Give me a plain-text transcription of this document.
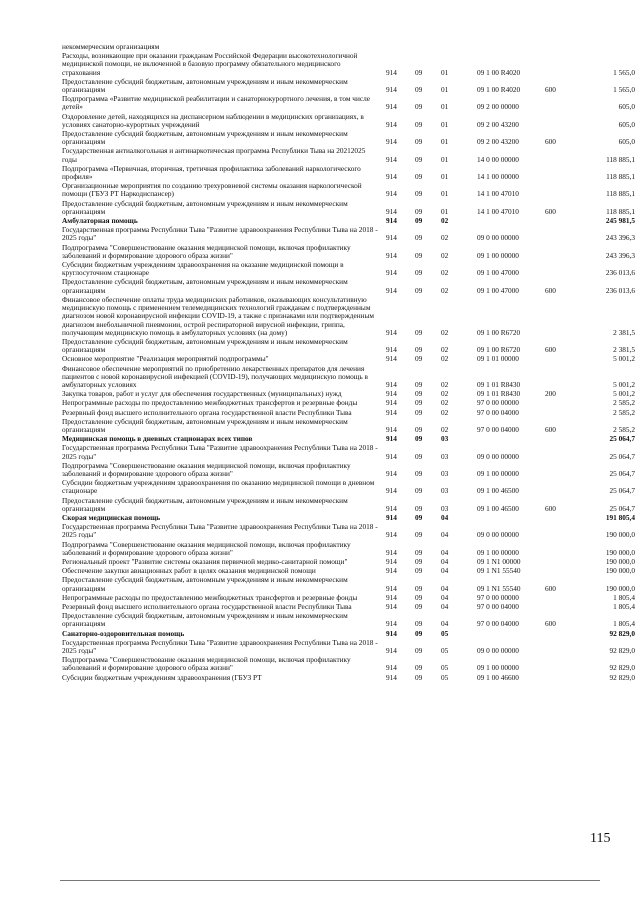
некоммерческим организациям
Расходы, возникающие при оказании гражданам Российской Федерации высокотехнологичной медицинской помощи, не включенной в базовую программу обязательного медицинского страхования	914	09	01	09 1 00 R4020	1 565,0
Предоставление субсидий бюджетным, автономным учреждениям и иным некоммерческим организациям	914	09	01	09 1 00 R4020	600	1 565,0
Подпрограмма «Развитие медицинской реабилитации и санаторнокурортного лечения, в том числе детей»	914	09	01	09 2 00 00000	605,0
Оздоровление детей, находящихся на диспансерном наблюдении в медицинских организациях, в условиях санаторно-курортных учреждений	914	09	01	09 2 00 43200	605,0
Предоставление субсидий бюджетным, автономным учреждениям и иным некоммерческим организациям	914	09	01	09 2 00 43200	600	605,0
Государственная антиалкогольная и антинаркотическая программа Республики Тыва на 20212025 годы	914	09	01	14 0 00 00000	118 885,1
Подпрограмма «Первичная, вторичная, третичная профилактика заболеваний наркологического профиля»	914	09	01	14 1 00 00000	118 885,1
Организационные мероприятия по созданию трехуровневой системы оказания наркологической помощи (ГБУЗ РТ Наркодиспансер)	914	09	01	14 1 00 47010	118 885,1
Предоставление субсидий бюджетным, автономным учреждениям и иным некоммерческим организациям	914	09	01	14 1 00 47010	600	118 885,1
Амбулаторная помощь	914	09	02	245 981,5
Государственная программа Республики Тыва "Развитие здравоохранения Республики Тыва на 2018 - 2025 годы"	914	09	02	09 0 00 00000	243 396,3
Подпрограмма "Совершенствование оказания медицинской помощи, включая профилактику заболеваний и формирование здорового образа жизни"	914	09	02	09 1 00 00000	243 396,3
Субсидии бюджетным учреждениям здравоохранения на оказание медицинской помощи в круглосуточном стационаре	914	09	02	09 1 00 47000	236 013,6
Предоставление субсидий бюджетным, автономным учреждениям и иным некоммерческим организациям	914	09	02	09 1 00 47000	600	236 013,6
Финансовое обеспечение оплаты труда медицинских работников, оказывающих консультативную медицинскую помощь с применением телемедицинских технологий гражданам с подтвержденным диагнозом новой коронавирусной инфекции COVID-19, а также с признаками или подтвержденным диагнозом внебольничной пневмонии, острой респираторной вирусной инфекции, гриппа, получающим медицинскую помощь в амбулаторных условиях (на дому)	914	09	02	09 1 00 R6720	2 381,5
Предоставление субсидий бюджетным, автономным учреждениям и иным некоммерческим организациям	914	09	02	09 1 00 R6720	600	2 381,5
Основное мероприятие "Реализация мероприятий подпрограммы"	914	09	02	09 1 01 00000	5 001,2
Финансовое обеспечение мероприятий по приобретению лекарственных препаратов для лечения пациентов с новой коронавирусной инфекцией (COVID-19), получающих медицинскую помощь в амбулаторных условиях	914	09	02	09 1 01 R8430	5 001,2
Закупка товаров, работ и услуг для обеспечения государственных (муниципальных) нужд	914	09	02	09 1 01 R8430	200	5 001,2
Непрограммные расходы по предоставлению межбюджетных трансфертов и резервные фонды	914	09	02	97 0 00 00000	2 585,2
Резервный фонд высшего исполнительного органа государственной власти Республики Тыва	914	09	02	97 0 00 04000	2 585,2
Предоставление субсидий бюджетным, автономным учреждениям и иным некоммерческим организациям	914	09	02	97 0 00 04000	600	2 585,2
Медицинская помощь в дневных стационарах всех типов	914	09	03	25 064,7
Государственная программа Республики Тыва "Развитие здравоохранения Республики Тыва на 2018 - 2025 годы"	914	09	03	09 0 00 00000	25 064,7
Подпрограмма "Совершенствование оказания медицинской помощи, включая профилактику заболеваний и формирование здорового образа жизни"	914	09	03	09 1 00 00000	25 064,7
Субсидии бюджетным учреждениям здравоохранения по оказанию медицинской помощи в дневном стационаре	914	09	03	09 1 00 46500	25 064,7
Предоставление субсидий бюджетным, автономным учреждениям и иным некоммерческим организациям	914	09	03	09 1 00 46500	600	25 064,7
Скорая медицинская помощь	914	09	04	191 805,4
Государственная программа Республики Тыва "Развитие здравоохранения Республики Тыва на 2018 - 2025 годы"	914	09	04	09 0 00 00000	190 000,0
Подпрограмма "Совершенствование оказания медицинской помощи, включая профилактику заболеваний и формирование здорового образа жизни"	914	09	04	09 1 00 00000	190 000,0
Региональный проект "Развитие системы оказания первичной медико-санитарной помощи"	914	09	04	09 1 N1 00000	190 000,0
Обеспечение закупки авиационных работ в целях оказания медицинской помощи	914	09	04	09 1 N1 55540	190 000,0
Предоставление субсидий бюджетным, автономным учреждениям и иным некоммерческим организациям	914	09	04	09 1 N1 55540	600	190 000,0
Непрограммные расходы по предоставлению межбюджетных трансфертов и резервные фонды	914	09	04	97 0 00 00000	1 805,4
Резервный фонд высшего исполнительного органа государственной власти Республики Тыва	914	09	04	97 0 00 04000	1 805,4
Предоставление субсидий бюджетным, автономным учреждениям и иным некоммерческим организациям	914	09	04	97 0 00 04000	600	1 805,4
Санаторно-оздоровительная помощь	914	09	05	92 829,0
Государственная программа Республики Тыва "Развитие здравоохранения Республики Тыва на 2018 - 2025 годы"	914	09	05	09 0 00 00000	92 829,0
Подпрограмма "Совершенствование оказания медицинской помощи, включая профилактику заболеваний и формирование здорового образа жизни"	914	09	05	09 1 00 00000	92 829,0
Субсидии бюджетным учреждениям здравоохранения (ГБУЗ РТ	914	09	05	09 1 00 46600	92 829,0
115
